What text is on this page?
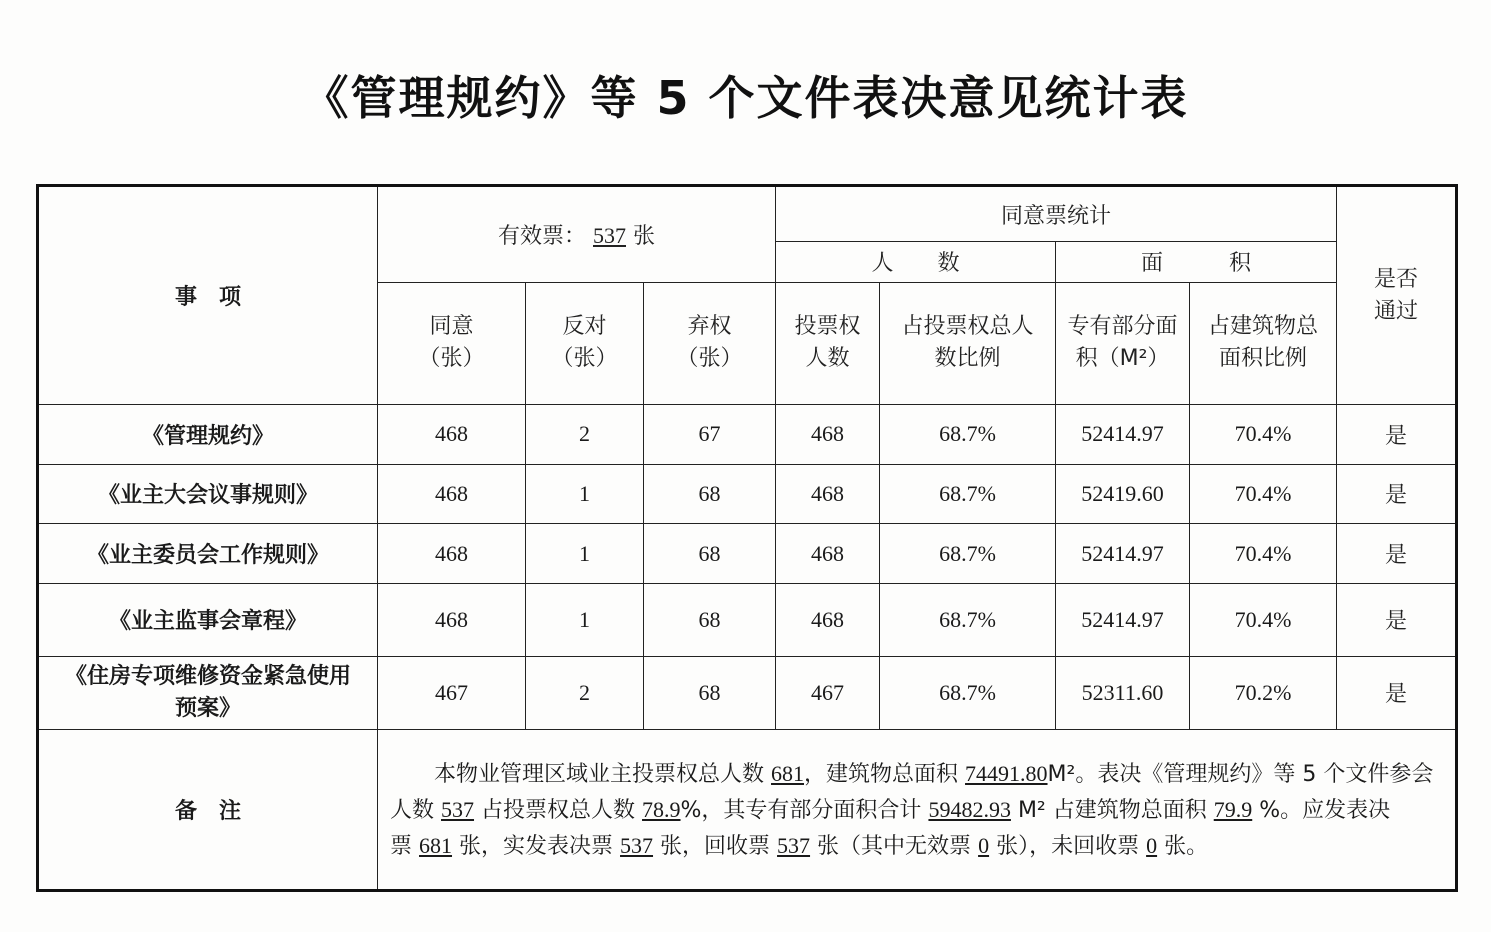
《管理规约》等 5 个文件表决意见统计表
事　项	有效票： 537 张			同意票统计				是否通过
				人　　数		面　　　积		
	同意（张）	反对（张）	弃权（张）	投票权人数	占投票权总人数比例	专有部分面积（M²）	占建筑物总面积比例	
《管理规约》	468	2	67	468	68.7%	52414.97	70.4%	是
《业主大会议事规则》	468	1	68	468	68.7%	52419.60	70.4%	是
《业主委员会工作规则》	468	1	68	468	68.7%	52414.97	70.4%	是
《业主监事会章程》	468	1	68	468	68.7%	52414.97	70.4%	是
《住房专项维修资金紧急使用预案》	467	2	68	467	68.7%	52311.60	70.2%	是
备　注	本物业管理区域业主投票权总人数 681，建筑物总面积 74491.80M²。表决《管理规约》等 5 个文件参会人数 537 占投票权总人数 78.9%，其专有部分面积合计 59482.93 M² 占建筑物总面积 79.9 %。应发表决票 681 张，实发表决票 537 张，回收票 537 张（其中无效票 0 张），未回收票 0 张。							
